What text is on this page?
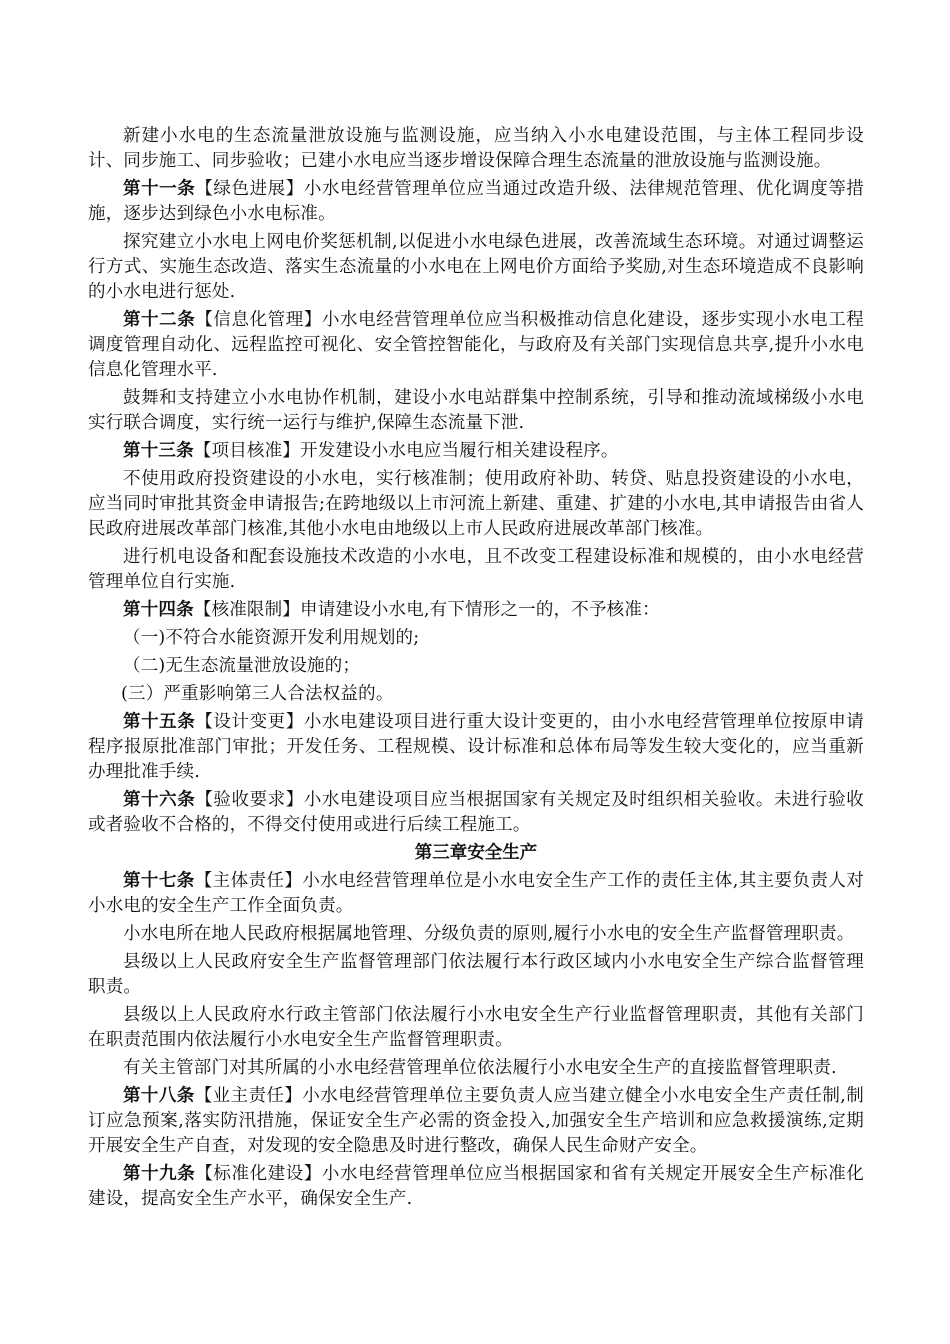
新建小水电的生态流量泄放设施与监测设施，应当纳入小水电建设范围，与主体工程同步设计、同步施工、同步验收；已建小水电应当逐步增设保障合理生态流量的泄放设施与监测设施。

第十一条【绿色进展】小水电经营管理单位应当通过改造升级、法律规范管理、优化调度等措施，逐步达到绿色小水电标准。

探究建立小水电上网电价奖惩机制,以促进小水电绿色进展，改善流域生态环境。对通过调整运行方式、实施生态改造、落实生态流量的小水电在上网电价方面给予奖励,对生态环境造成不良影响的小水电进行惩处.

第十二条【信息化管理】小水电经营管理单位应当积极推动信息化建设，逐步实现小水电工程调度管理自动化、远程监控可视化、安全管控智能化，与政府及有关部门实现信息共享,提升小水电信息化管理水平.

鼓舞和支持建立小水电协作机制，建设小水电站群集中控制系统，引导和推动流域梯级小水电实行联合调度，实行统一运行与维护,保障生态流量下泄.

第十三条【项目核准】开发建设小水电应当履行相关建设程序。

不使用政府投资建设的小水电，实行核准制；使用政府补助、转贷、贴息投资建设的小水电，应当同时审批其资金申请报告;在跨地级以上市河流上新建、重建、扩建的小水电,其申请报告由省人民政府进展改革部门核准,其他小水电由地级以上市人民政府进展改革部门核准。

进行机电设备和配套设施技术改造的小水电，且不改变工程建设标准和规模的，由小水电经营管理单位自行实施.

第十四条【核准限制】申请建设小水电,有下情形之一的，不予核准：

（一)不符合水能资源开发利用规划的;

（二)无生态流量泄放设施的；

(三）严重影响第三人合法权益的。

第十五条【设计变更】小水电建设项目进行重大设计变更的，由小水电经营管理单位按原申请程序报原批准部门审批；开发任务、工程规模、设计标准和总体布局等发生较大变化的，应当重新办理批准手续.

第十六条【验收要求】小水电建设项目应当根据国家有关规定及时组织相关验收。未进行验收或者验收不合格的，不得交付使用或进行后续工程施工。

第三章安全生产

第十七条【主体责任】小水电经营管理单位是小水电安全生产工作的责任主体,其主要负责人对小水电的安全生产工作全面负责。

小水电所在地人民政府根据属地管理、分级负责的原则,履行小水电的安全生产监督管理职责。

县级以上人民政府安全生产监督管理部门依法履行本行政区域内小水电安全生产综合监督管理职责。

县级以上人民政府水行政主管部门依法履行小水电安全生产行业监督管理职责，其他有关部门在职责范围内依法履行小水电安全生产监督管理职责。

有关主管部门对其所属的小水电经营管理单位依法履行小水电安全生产的直接监督管理职责.

第十八条【业主责任】小水电经营管理单位主要负责人应当建立健全小水电安全生产责任制,制订应急预案,落实防汛措施，保证安全生产必需的资金投入,加强安全生产培训和应急救援演练,定期开展安全生产自查，对发现的安全隐患及时进行整改，确保人民生命财产安全。

第十九条【标准化建设】小水电经营管理单位应当根据国家和省有关规定开展安全生产标准化建设，提高安全生产水平，确保安全生产.
